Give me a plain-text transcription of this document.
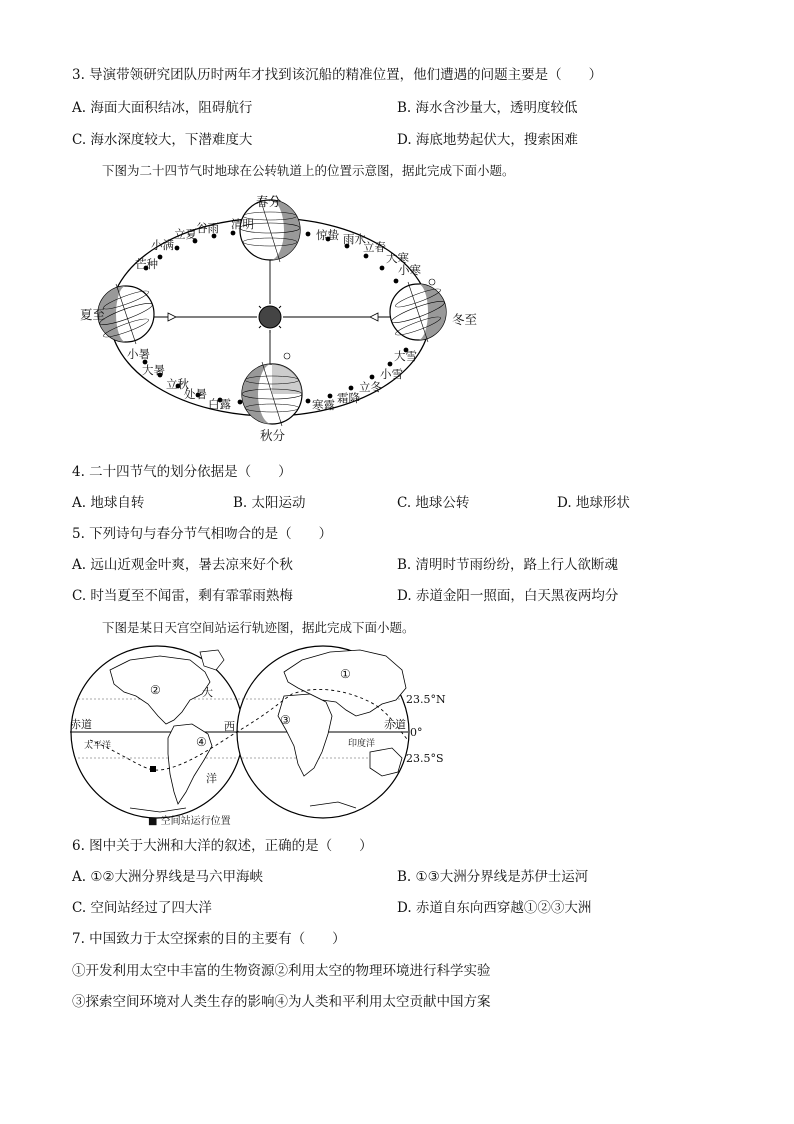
3. 导演带领研究团队历时两年才找到该沉船的精准位置，他们遭遇的问题主要是（　　）
A. 海面大面积结冰，阻碍航行	B. 海水含沙量大，透明度较低
C. 海水深度较大，下潜难度大	D. 海底地势起伏大，搜索困难
下图为二十四节气时地球在公转轨道上的位置示意图，据此完成下面小题。
春分
夏至	冬至
秋分
清明
谷雨
立夏
小满
芒种
惊蛰 雨水
立春
大寒
小寒
小暑
大暑
立秋
处暑
白露	寒露 霜降
立冬
小雪
大雪
4. 二十四节气的划分依据是（　　）
A. 地球自转	B. 太阳运动	C. 地球公转	D. 地球形状
5. 下列诗句与春分节气相吻合的是（　　）
A. 远山近观金叶爽，暑去凉来好个秋	B. 清明时节雨纷纷，路上行人欲断魂
C. 时当夏至不闻雷，剩有霏霏雨熟梅	D. 赤道金阳一照面，白天黑夜两均分
下图是某日天宫空间站运行轨迹图，据此完成下面小题。
②
①
③
④
大
西
洋
太平洋	印度洋
赤道	赤道
23.5°N
0°
23.5°S
■ 空间站运行位置
6. 图中关于大洲和大洋的叙述，正确的是（　　）
A. ①②大洲分界线是马六甲海峡	B. ①③大洲分界线是苏伊士运河
C. 空间站经过了四大洋	D. 赤道自东向西穿越①②③大洲
7. 中国致力于太空探索的目的主要有（　　）
①开发利用太空中丰富的生物资源②利用太空的物理环境进行科学实验
③探索空间环境对人类生存的影响④为人类和平利用太空贡献中国方案
